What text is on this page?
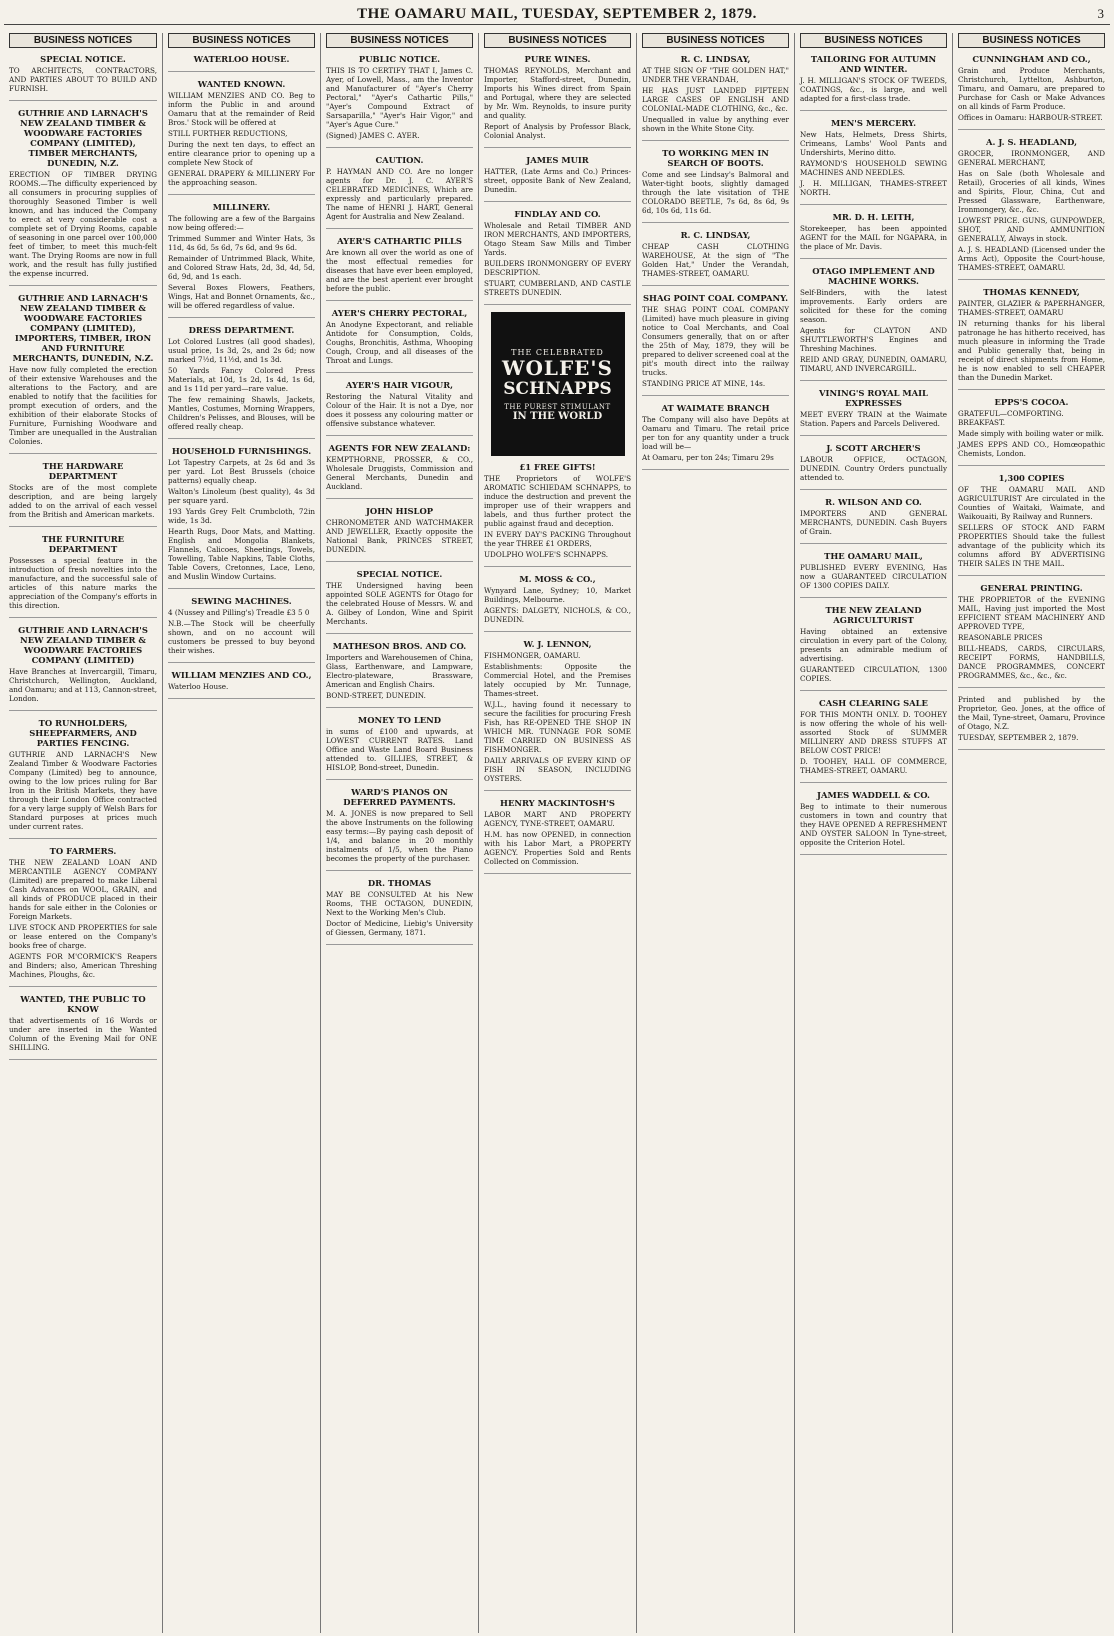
THE OAMARU MAIL, TUESDAY, SEPTEMBER 2, 1879.	3
BUSINESS NOTICES
SPECIAL NOTICE.

TO ARCHITECTS, CONTRACTORS, AND PARTIES ABOUT TO BUILD AND FURNISH.

GUTHRIE AND LARNACH'S NEW ZEALAND TIMBER & WOODWARE FACTORIES COMPANY (LIMITED), TIMBER MERCHANTS, DUNEDIN, N.Z.

ERECTION OF TIMBER DRYING ROOMS.—The difficulty experienced by all consumers in procuring supplies of thoroughly Seasoned Timber is well known, and has induced the Company to erect at very considerable cost a complete set of Drying Rooms, capable of seasoning in one parcel over 100,000 feet of timber, to meet this much-felt want. The Drying Rooms are now in full work, and the result has fully justified the expense incurred.

GUTHRIE AND LARNACH'S NEW ZEALAND TIMBER & WOODWARE FACTORIES COMPANY (LIMITED), IMPORTERS, TIMBER, IRON AND FURNITURE MERCHANTS, DUNEDIN, N.Z.

Have now fully completed the erection of their extensive Warehouses and the alterations to the Factory, and are enabled to notify that the facilities for prompt execution of orders, and the exhibition of their elaborate Stocks of Furniture, Furnishing Woodware and Timber are unequalled in the Australian Colonies.

THE HARDWARE DEPARTMENT

Stocks are of the most complete description, and are being largely added to on the arrival of each vessel from the British and American markets.

THE FURNITURE DEPARTMENT

Possesses a special feature in the introduction of fresh novelties into the manufacture, and the successful sale of articles of this nature marks the appreciation of the Company's efforts in this direction.

GUTHRIE AND LARNACH'S NEW ZEALAND TIMBER & WOODWARE FACTORIES COMPANY (LIMITED)

Have Branches at Invercargill, Timaru, Christchurch, Wellington, Auckland, and Oamaru; and at 113, Cannon-street, London.

TO RUNHOLDERS, SHEEPFARMERS, AND PARTIES FENCING.

GUTHRIE AND LARNACH'S New Zealand Timber & Woodware Factories Company (Limited) beg to announce, owing to the low prices ruling for Bar Iron in the British Markets, they have through their London Office contracted for a very large supply of Welsh Bars for Standard purposes at prices much under current rates.

TO FARMERS.

THE NEW ZEALAND LOAN AND MERCANTILE AGENCY COMPANY (Limited) are prepared to make Liberal Cash Advances on WOOL, GRAIN, and all kinds of PRODUCE placed in their hands for sale either in the Colonies or Foreign Markets.

LIVE STOCK AND PROPERTIES for sale or lease entered on the Company's books free of charge.

AGENTS FOR M'CORMICK'S Reapers and Binders; also, American Threshing Machines, Ploughs, &c.

WANTED, THE PUBLIC TO KNOW

that advertisements of 16 Words or under are inserted in the Wanted Column of the Evening Mail for ONE SHILLING.

BUSINESS NOTICES
WATERLOO HOUSE.
WANTED KNOWN.

WILLIAM MENZIES AND CO. Beg to inform the Public in and around Oamaru that at the remainder of Reid Bros.' Stock will be offered at

STILL FURTHER REDUCTIONS,

During the next ten days, to effect an entire clearance prior to opening up a complete New Stock of

GENERAL DRAPERY & MILLINERY For the approaching season.

MILLINERY.

The following are a few of the Bargains now being offered:—

Trimmed Summer and Winter Hats, 3s 11d, 4s 6d, 5s 6d, 7s 6d, and 9s 6d.

Remainder of Untrimmed Black, White, and Colored Straw Hats, 2d, 3d, 4d, 5d, 6d, 9d, and 1s each.

Several Boxes Flowers, Feathers, Wings, Hat and Bonnet Ornaments, &c., will be offered regardless of value.

DRESS DEPARTMENT.

Lot Colored Lustres (all good shades), usual price, 1s 3d, 2s, and 2s 6d; now marked 7½d, 11½d, and 1s 3d.

50 Yards Fancy Colored Press Materials, at 10d, 1s 2d, 1s 4d, 1s 6d, and 1s 11d per yard—rare value.

The few remaining Shawls, Jackets, Mantles, Costumes, Morning Wrappers, Children's Pelisses, and Blouses, will be offered really cheap.

HOUSEHOLD FURNISHINGS.

Lot Tapestry Carpets, at 2s 6d and 3s per yard. Lot Best Brussels (choice patterns) equally cheap.

Walton's Linoleum (best quality), 4s 3d per square yard.

193 Yards Grey Felt Crumbcloth, 72in wide, 1s 3d.

Hearth Rugs, Door Mats, and Matting. English and Mongolia Blankets, Flannels, Calicoes, Sheetings, Towels, Towelling, Table Napkins, Table Cloths, Table Covers, Cretonnes, Lace, Leno, and Muslin Window Curtains.

SEWING MACHINES.

4 (Nussey and Pilling's) Treadle £3 5 0

N.B.—The Stock will be cheerfully shown, and on no account will customers be pressed to buy beyond their wishes.

WILLIAM MENZIES AND CO.,

Waterloo House.

BUSINESS NOTICES
PUBLIC NOTICE.

THIS IS TO CERTIFY THAT I, James C. Ayer, of Lowell, Mass., am the Inventor and Manufacturer of "Ayer's Cherry Pectoral," "Ayer's Cathartic Pills," "Ayer's Compound Extract of Sarsaparilla," "Ayer's Hair Vigor," and "Ayer's Ague Cure."

(Signed) JAMES C. AYER.

CAUTION.

P. HAYMAN AND CO. Are no longer agents for Dr. J. C. AYER'S CELEBRATED MEDICINES, Which are expressly and particularly prepared. The name of HENRI J. HART, General Agent for Australia and New Zealand.

AYER'S CATHARTIC PILLS

Are known all over the world as one of the most effectual remedies for diseases that have ever been employed, and are the best aperient ever brought before the public.

AYER'S CHERRY PECTORAL,

An Anodyne Expectorant, and reliable Antidote for Consumption, Colds, Coughs, Bronchitis, Asthma, Whooping Cough, Croup, and all diseases of the Throat and Lungs.

AYER'S HAIR VIGOUR,

Restoring the Natural Vitality and Colour of the Hair. It is not a Dye, nor does it possess any colouring matter or offensive substance whatever.

AGENTS FOR NEW ZEALAND:

KEMPTHORNE, PROSSER, & CO., Wholesale Druggists, Commission and General Merchants, Dunedin and Auckland.

JOHN HISLOP

CHRONOMETER AND WATCHMAKER AND JEWELLER, Exactly opposite the National Bank, PRINCES STREET, DUNEDIN.

SPECIAL NOTICE.

THE Undersigned having been appointed SOLE AGENTS for Otago for the celebrated House of Messrs. W. and A. Gilbey of London, Wine and Spirit Merchants.

MATHESON BROS. AND CO.

Importers and Warehousemen of China, Glass, Earthenware, and Lampware, Electro-plateware, Brassware, American and English Chairs.

BOND-STREET, DUNEDIN.

MONEY TO LEND

in sums of £100 and upwards, at LOWEST CURRENT RATES. Land Office and Waste Land Board Business attended to. GILLIES, STREET, & HISLOP, Bond-street, Dunedin.

WARD'S PIANOS ON DEFERRED PAYMENTS.

M. A. JONES is now prepared to Sell the above Instruments on the following easy terms:—By paying cash deposit of 1/4, and balance in 20 monthly instalments of 1/5, when the Piano becomes the property of the purchaser.

DR. THOMAS

MAY BE CONSULTED At his New Rooms, THE OCTAGON, DUNEDIN, Next to the Working Men's Club.

Doctor of Medicine, Liebig's University of Giessen, Germany, 1871.

BUSINESS NOTICES
PURE WINES.

THOMAS REYNOLDS, Merchant and Importer, Stafford-street, Dunedin, Imports his Wines direct from Spain and Portugal, where they are selected by Mr. Wm. Reynolds, to insure purity and quality.

Report of Analysis by Professor Black, Colonial Analyst.

JAMES MUIR

HATTER, (Late Arms and Co.) Princes-street, opposite Bank of New Zealand, Dunedin.

FINDLAY AND CO.

Wholesale and Retail TIMBER AND IRON MERCHANTS, AND IMPORTERS, Otago Steam Saw Mills and Timber Yards.

BUILDERS IRONMONGERY OF EVERY DESCRIPTION.

STUART, CUMBERLAND, AND CASTLE STREETS DUNEDIN.

THE CELEBRATED
WOLFE'S
SCHNAPPS
THE PUREST STIMULANT
IN THE WORLD
£1 FREE GIFTS!

THE Proprietors of WOLFE'S AROMATIC SCHIEDAM SCHNAPPS, to induce the destruction and prevent the improper use of their wrappers and labels, and thus further protect the public against fraud and deception.

IN EVERY DAY'S PACKING Throughout the year THREE £1 ORDERS,

UDOLPHO WOLFE'S SCHNAPPS.

M. MOSS & CO.,

Wynyard Lane, Sydney; 10, Market Buildings, Melbourne.

AGENTS: DALGETY, NICHOLS, & CO., DUNEDIN.

W. J. LENNON,

FISHMONGER, OAMARU.

Establishments: Opposite the Commercial Hotel, and the Premises lately occupied by Mr. Tunnage, Thames-street.

W.J.L., having found it necessary to secure the facilities for procuring Fresh Fish, has RE-OPENED THE SHOP IN WHICH MR. TUNNAGE FOR SOME TIME CARRIED ON BUSINESS AS FISHMONGER.

DAILY ARRIVALS OF EVERY KIND OF FISH IN SEASON, INCLUDING OYSTERS.

HENRY MACKINTOSH'S

LABOR MART AND PROPERTY AGENCY, TYNE-STREET, OAMARU.

H.M. has now OPENED, in connection with his Labor Mart, a PROPERTY AGENCY. Properties Sold and Rents Collected on Commission.

BUSINESS NOTICES
R. C. LINDSAY,

AT THE SIGN OF "THE GOLDEN HAT," UNDER THE VERANDAH,

HE HAS JUST LANDED FIFTEEN LARGE CASES OF ENGLISH AND COLONIAL-MADE CLOTHING, &c., &c.

Unequalled in value by anything ever shown in the White Stone City.

TO WORKING MEN IN SEARCH OF BOOTS.

Come and see Lindsay's Balmoral and Water-tight boots, slightly damaged through the late visitation of THE COLORADO BEETLE, 7s 6d, 8s 6d, 9s 6d, 10s 6d, 11s 6d.

R. C. LINDSAY,

CHEAP CASH CLOTHING WAREHOUSE, At the sign of "The Golden Hat," Under the Verandah, THAMES-STREET, OAMARU.

SHAG POINT COAL COMPANY.

THE SHAG POINT COAL COMPANY (Limited) have much pleasure in giving notice to Coal Merchants, and Coal Consumers generally, that on or after the 25th of May, 1879, they will be prepared to deliver screened coal at the pit's mouth direct into the railway trucks.

STANDING PRICE AT MINE, 14s.

AT WAIMATE BRANCH

The Company will also have Depôts at Oamaru and Timaru. The retail price per ton for any quantity under a truck load will be—

At Oamaru, per ton 24s; Timaru 29s

BUSINESS NOTICES
TAILORING FOR AUTUMN AND WINTER.

J. H. MILLIGAN'S STOCK OF TWEEDS, COATINGS, &c., is large, and well adapted for a first-class trade.

MEN'S MERCERY.

New Hats, Helmets, Dress Shirts, Crimeans, Lambs' Wool Pants and Undershirts, Merino ditto.

RAYMOND'S HOUSEHOLD SEWING MACHINES AND NEEDLES.

J. H. MILLIGAN, THAMES-STREET NORTH.

MR. D. H. LEITH,

Storekeeper, has been appointed AGENT for the MAIL for NGAPARA, in the place of Mr. Davis.

OTAGO IMPLEMENT AND MACHINE WORKS.

Self-Binders, with the latest improvements. Early orders are solicited for these for the coming season.

Agents for CLAYTON AND SHUTTLEWORTH'S Engines and Threshing Machines.

REID AND GRAY, DUNEDIN, OAMARU, TIMARU, AND INVERCARGILL.

VINING'S ROYAL MAIL EXPRESSES

MEET EVERY TRAIN at the Waimate Station. Papers and Parcels Delivered.

J. SCOTT ARCHER'S

LABOUR OFFICE, OCTAGON, DUNEDIN. Country Orders punctually attended to.

R. WILSON AND CO.

IMPORTERS AND GENERAL MERCHANTS, DUNEDIN. Cash Buyers of Grain.

THE OAMARU MAIL,

PUBLISHED EVERY EVENING, Has now a GUARANTEED CIRCULATION OF 1300 COPIES DAILY.

THE NEW ZEALAND AGRICULTURIST

Having obtained an extensive circulation in every part of the Colony, presents an admirable medium of advertising.

GUARANTEED CIRCULATION, 1300 COPIES.

CASH CLEARING SALE

FOR THIS MONTH ONLY. D. TOOHEY is now offering the whole of his well-assorted Stock of SUMMER MILLINERY AND DRESS STUFFS AT BELOW COST PRICE!

D. TOOHEY, HALL OF COMMERCE, THAMES-STREET, OAMARU.

JAMES WADDELL & CO.

Beg to intimate to their numerous customers in town and country that they HAVE OPENED A REFRESHMENT AND OYSTER SALOON In Tyne-street, opposite the Criterion Hotel.

BUSINESS NOTICES
CUNNINGHAM AND CO.,

Grain and Produce Merchants, Christchurch, Lyttelton, Ashburton, Timaru, and Oamaru, are prepared to Purchase for Cash or Make Advances on all kinds of Farm Produce.

Offices in Oamaru: HARBOUR-STREET.

A. J. S. HEADLAND,

GROCER, IRONMONGER, AND GENERAL MERCHANT,

Has on Sale (both Wholesale and Retail), Groceries of all kinds, Wines and Spirits, Flour, China, Cut and Pressed Glassware, Earthenware, Ironmongery, &c., &c.

LOWEST PRICE. GUNS, GUNPOWDER, SHOT, AND AMMUNITION GENERALLY, Always in stock.

A. J. S. HEADLAND (Licensed under the Arms Act), Opposite the Court-house, THAMES-STREET, OAMARU.

THOMAS KENNEDY,

PAINTER, GLAZIER & PAPERHANGER, THAMES-STREET, OAMARU

IN returning thanks for his liberal patronage he has hitherto received, has much pleasure in informing the Trade and Public generally that, being in receipt of direct shipments from Home, he is now enabled to sell CHEAPER than the Dunedin Market.

EPPS'S COCOA.

GRATEFUL—COMFORTING. BREAKFAST.

Made simply with boiling water or milk.

JAMES EPPS AND CO., Homœopathic Chemists, London.

1,300 COPIES

OF THE OAMARU MAIL AND AGRICULTURIST Are circulated in the Counties of Waitaki, Waimate, and Waikouaiti, By Railway and Runners.

SELLERS OF STOCK AND FARM PROPERTIES Should take the fullest advantage of the publicity which its columns afford BY ADVERTISING THEIR SALES IN THE MAIL.

GENERAL PRINTING.

THE PROPRIETOR of the EVENING MAIL, Having just imported the Most EFFICIENT STEAM MACHINERY AND APPROVED TYPE,

REASONABLE PRICES

BILL-HEADS, CARDS, CIRCULARS, RECEIPT FORMS, HANDBILLS, DANCE PROGRAMMES, CONCERT PROGRAMMES, &c., &c., &c.

Printed and published by the Proprietor, Geo. Jones, at the office of the Mail, Tyne-street, Oamaru, Province of Otago, N.Z.

TUESDAY, SEPTEMBER 2, 1879.
